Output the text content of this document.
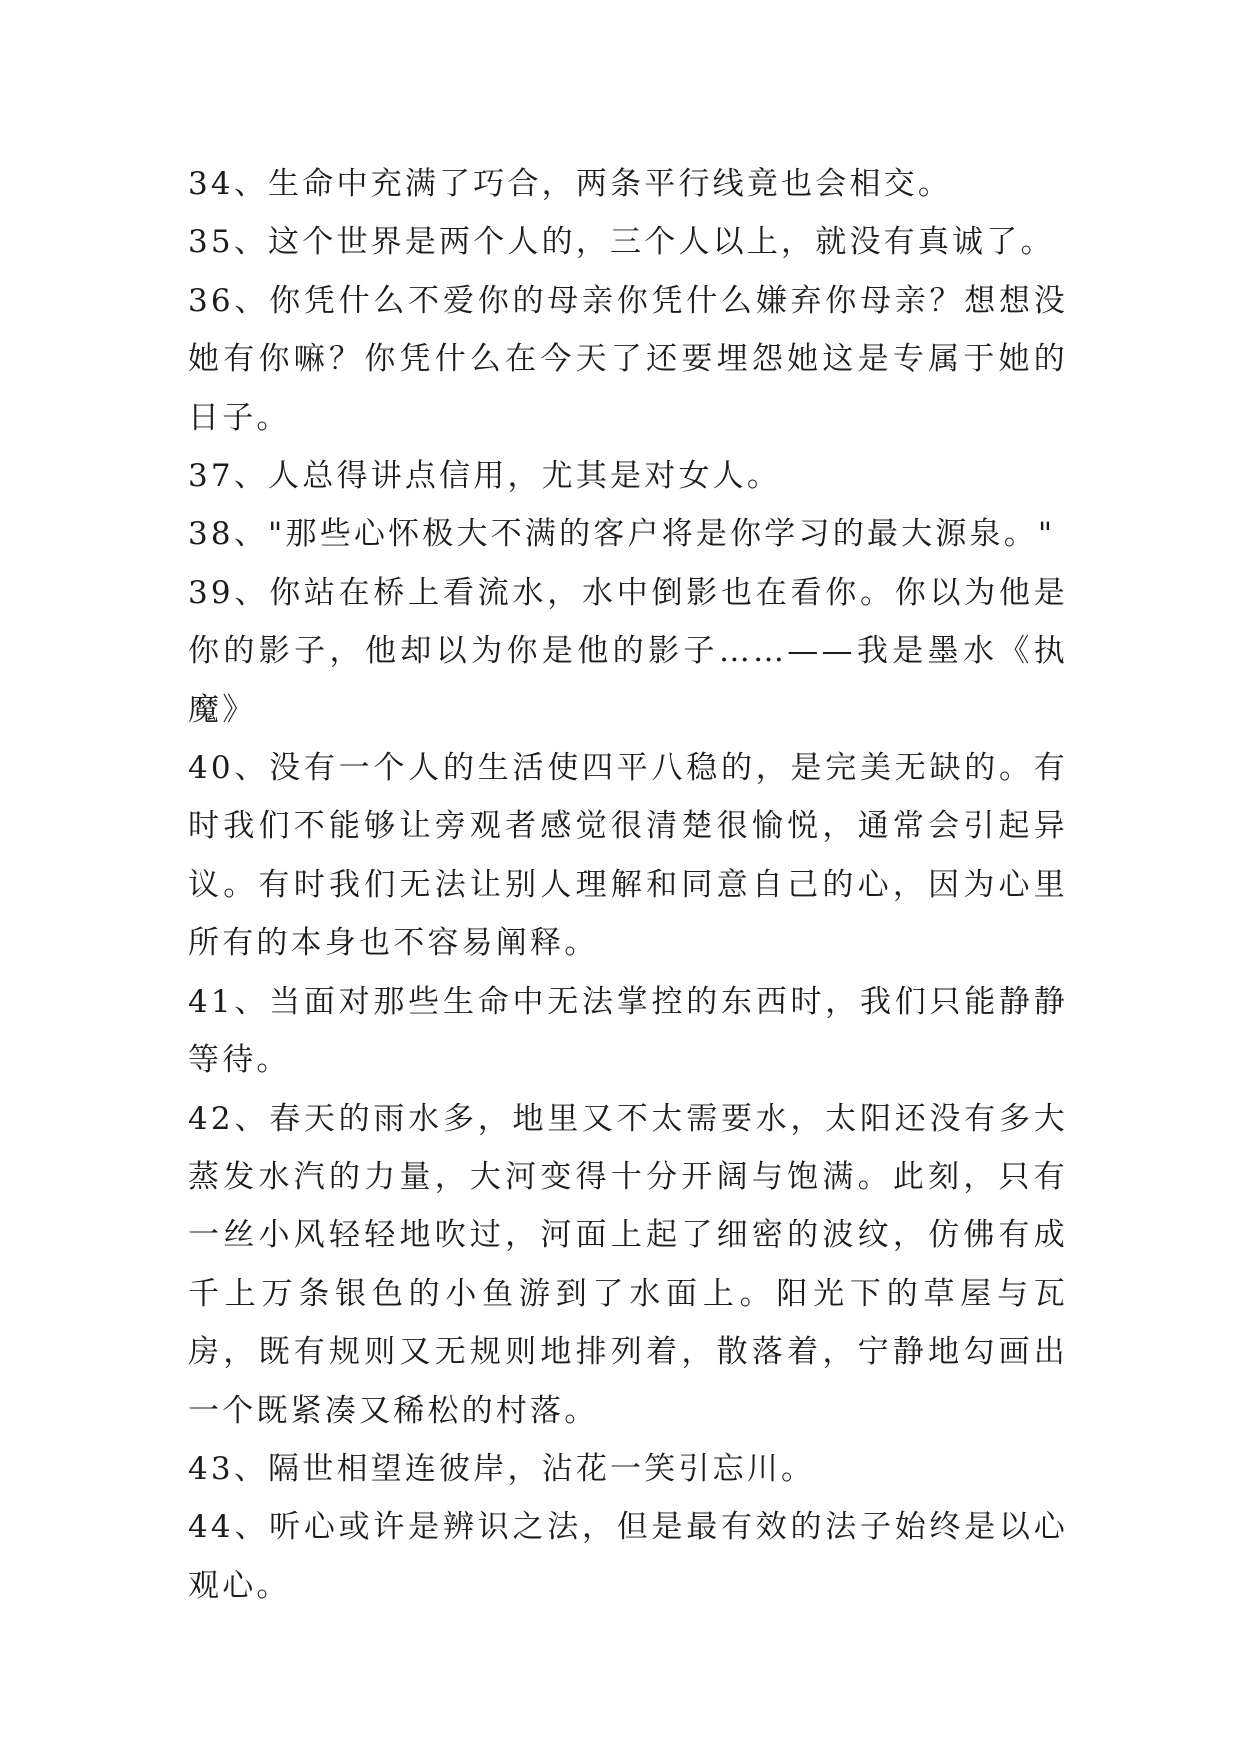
34、生命中充满了巧合，两条平行线竟也会相交。

35、这个世界是两个人的，三个人以上，就没有真诚了。

36、你凭什么不爱你的母亲你凭什么嫌弃你母亲？想想没她有你嘛？你凭什么在今天了还要埋怨她这是专属于她的日子。

37、人总得讲点信用，尤其是对女人。

38、"那些心怀极大不满的客户将是你学习的最大源泉。"

39、你站在桥上看流水，水中倒影也在看你。你以为他是你的影子，他却以为你是他的影子……——我是墨水《执魔》

40、没有一个人的生活使四平八稳的，是完美无缺的。有时我们不能够让旁观者感觉很清楚很愉悦，通常会引起异议。有时我们无法让别人理解和同意自己的心，因为心里所有的本身也不容易阐释。

41、当面对那些生命中无法掌控的东西时，我们只能静静等待。

42、春天的雨水多，地里又不太需要水，太阳还没有多大蒸发水汽的力量，大河变得十分开阔与饱满。此刻，只有一丝小风轻轻地吹过，河面上起了细密的波纹，仿佛有成千上万条银色的小鱼游到了水面上。阳光下的草屋与瓦房，既有规则又无规则地排列着，散落着，宁静地勾画出一个既紧凑又稀松的村落。

43、隔世相望连彼岸，沾花一笑引忘川。

44、听心或许是辨识之法，但是最有效的法子始终是以心观心。
